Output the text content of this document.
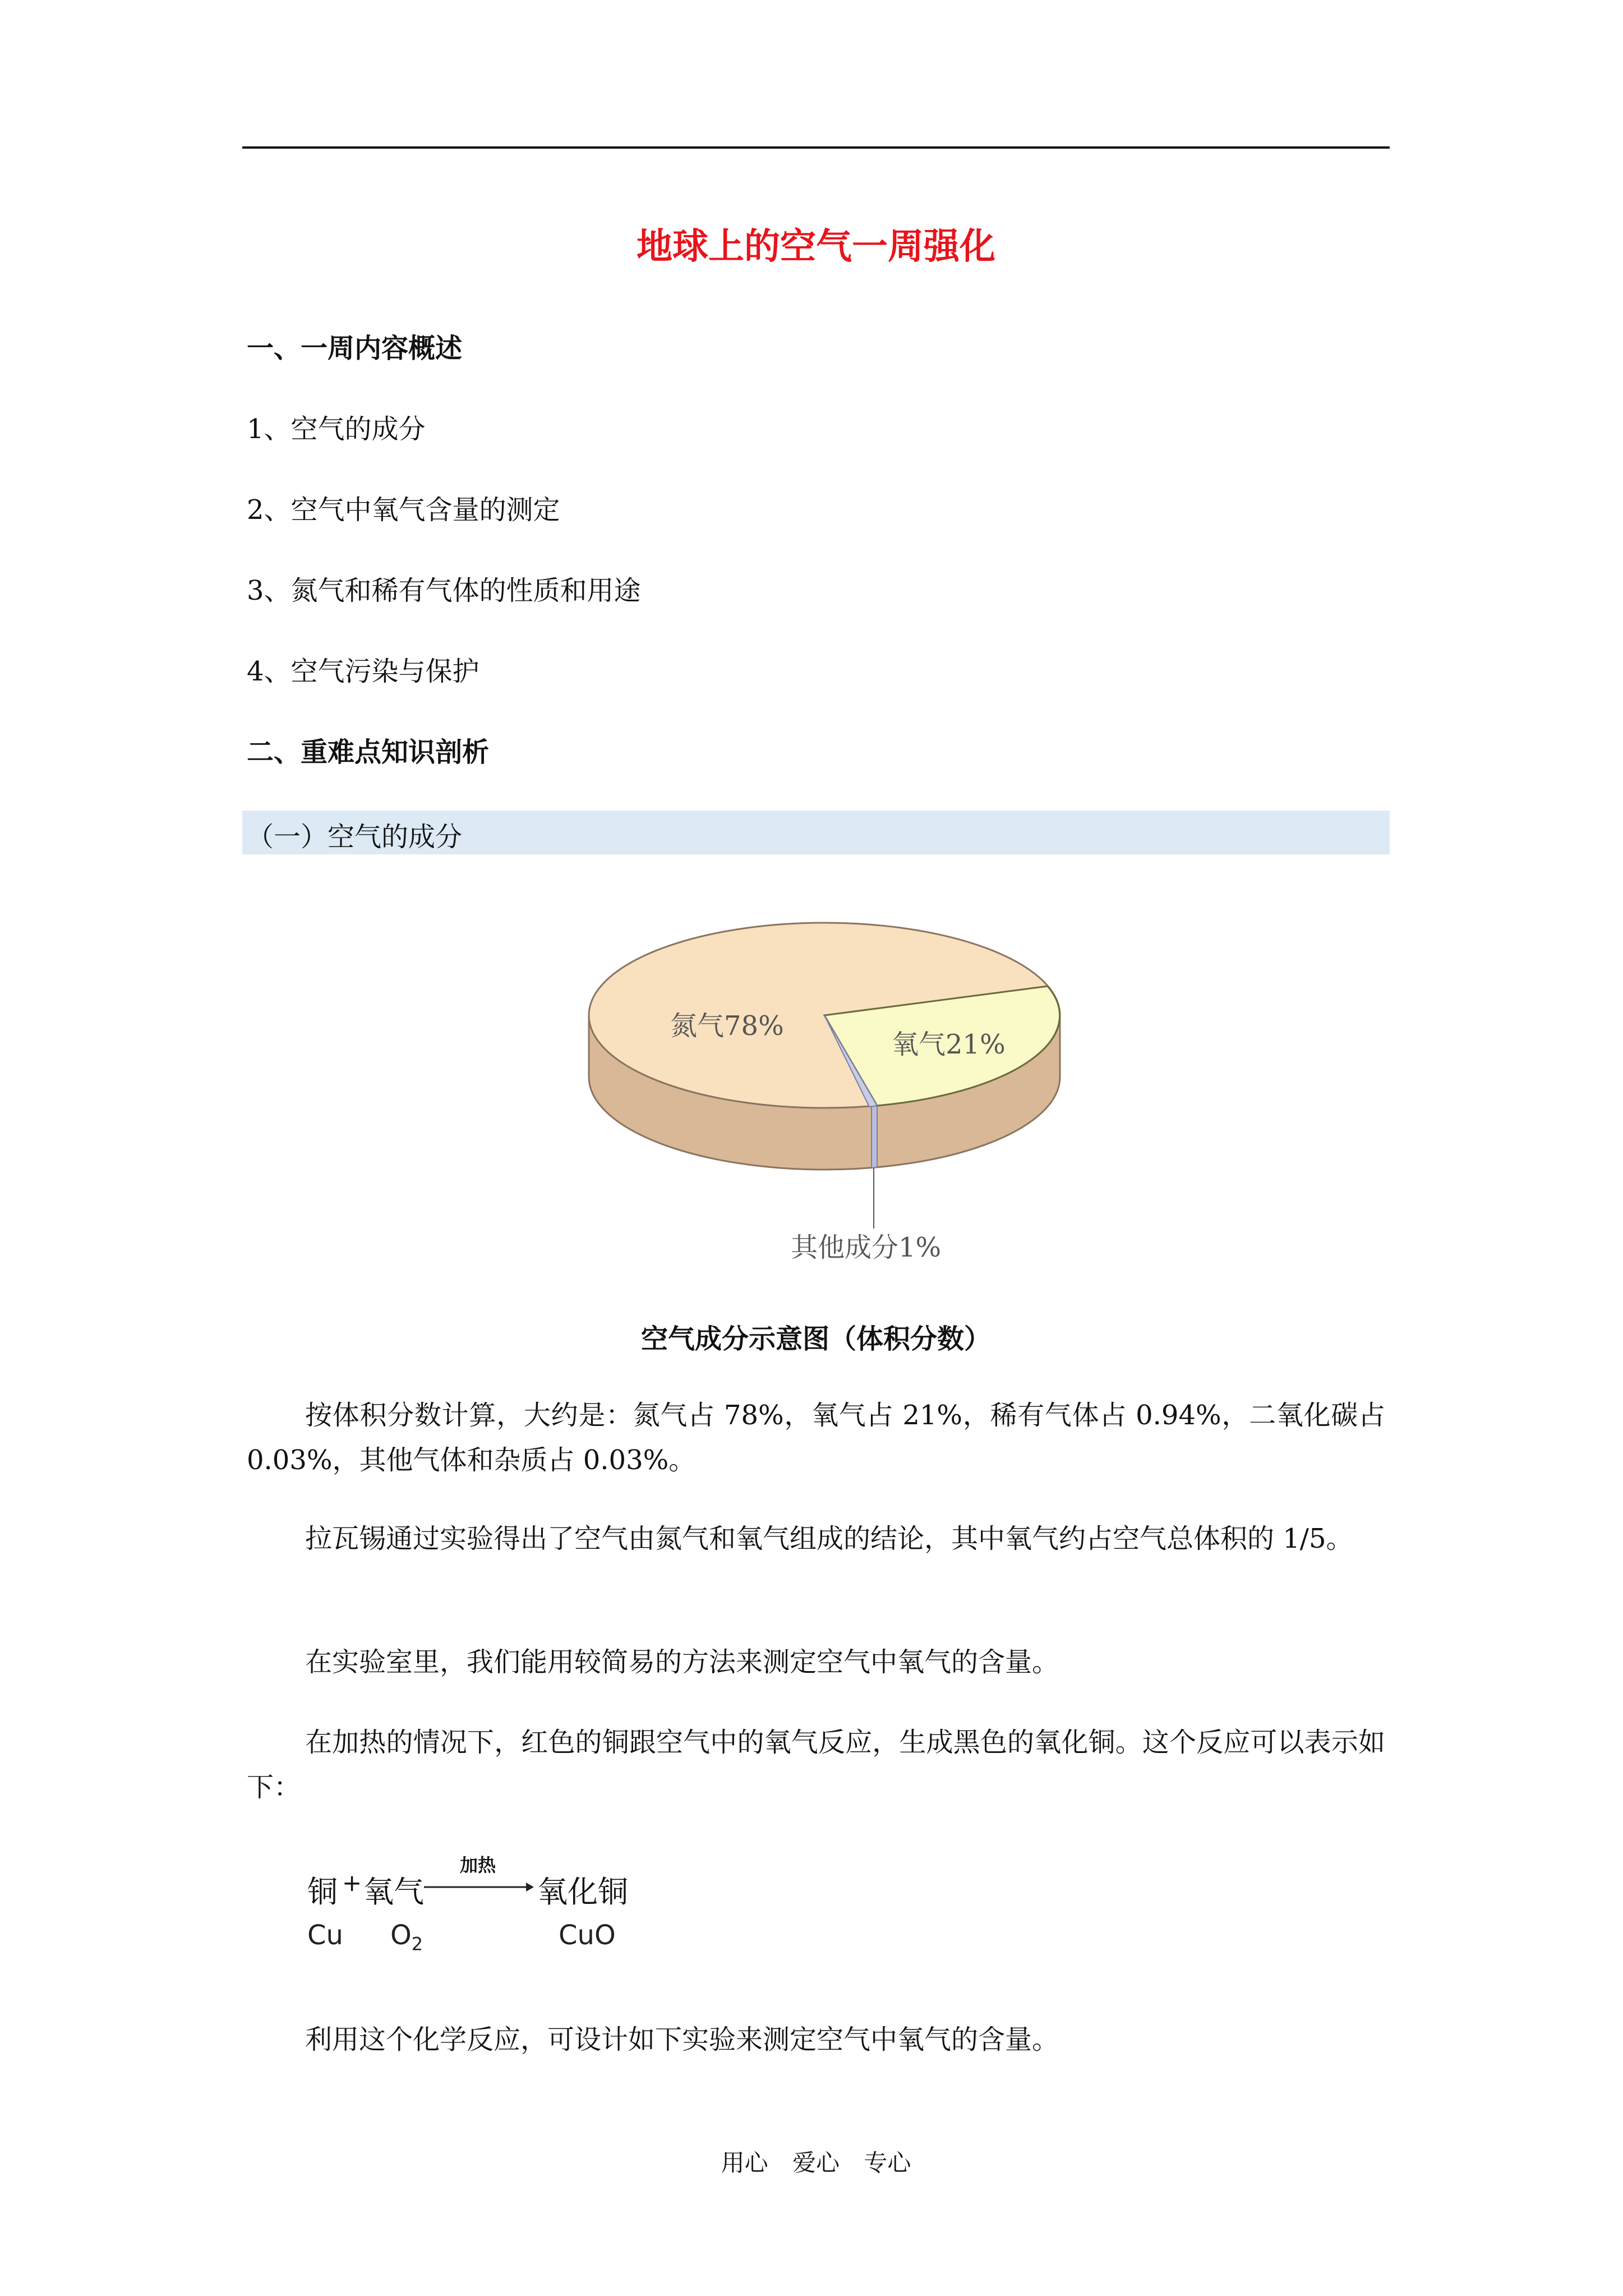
地球上的空气一周强化
一、一周内容概述
1、空气的成分
2、空气中氧气含量的测定
3、氮气和稀有气体的性质和用途
4、空气污染与保护
二、重难点知识剖析
（一）空气的成分
氮气78%
氧气21%
其他成分1%
空气成分示意图（体积分数）
按体积分数计算，大约是：氮气占 78%，氧气占 21%，稀有气体占 0.94%，二氧化碳占 0.03%，其他气体和杂质占 0.03%。
拉瓦锡通过实验得出了空气由氮气和氧气组成的结论，其中氧气约占空气总体积的 1/5。
在实验室里，我们能用较简易的方法来测定空气中氧气的含量。
在加热的情况下，红色的铜跟空气中的氧气反应，生成黑色的氧化铜。这个反应可以表示如下：
铜 + 氧气
加热
氧化铜
Cu $O_2$	CuO
利用这个化学反应，可设计如下实验来测定空气中氧气的含量。
用心 爱心 专心
